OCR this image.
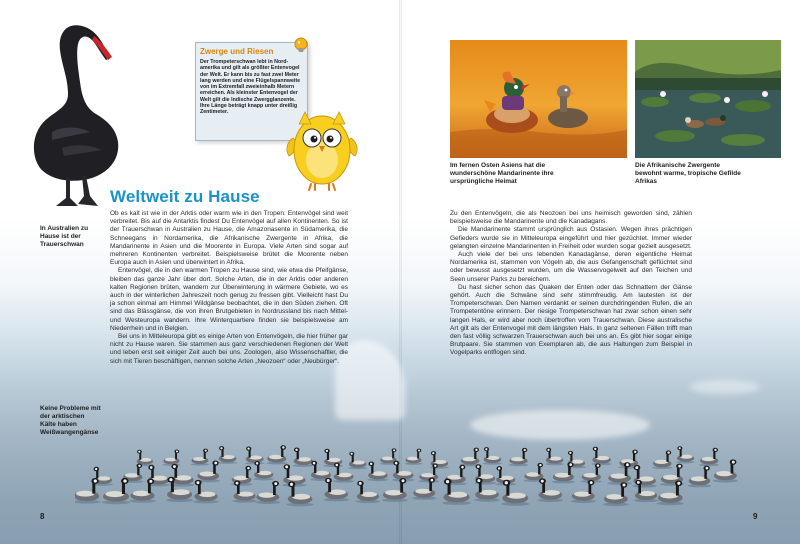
In Australien zu Hause ist der Trauerschwan
Zwerge und Riesen
Der Trompeterschwan lebt in Nordamerika und gilt als größter Entenvogel der Welt. Er kann bis zu fast zwei Meter lang werden und eine Flügelspannweite von im Extremfall zweieinhalb Metern erreichen. Als kleinster Entenvogel der Welt gilt die Indische Zwergglanzente. Ihre Länge beträgt knapp unter dreißig Zentimeter.
Weltweit zu Hause

Ob es kalt ist wie in der Arktis oder warm wie in den Tropen: Entenvögel sind weit verbreitet. Bis auf die Antarktis findest Du Entenvögel auf allen Kontinenten. So ist der Trauerschwan in Australien zu Hause, die Amazonasente in Südamerika, die Schneegans in Nordamerika, die Afrikanische Zwergente in Afrika, die Mandarinente in Asien und die Moorente in Europa. Viele Arten sind sogar auf mehreren Kontinenten verbreitet. Beispielsweise brütet die Moorente neben Europa auch in Asien und überwintert in Afrika.

Entenvögel, die in den warmen Tropen zu Hause sind, wie etwa die Pfeifgänse, bleiben das ganze Jahr über dort. Solche Arten, die in der Arktis oder anderen kalten Regionen brüten, wandern zur Überwinterung in wärmere Gebiete, wo es auch in der winterlichen Jahreszeit noch genug zu fressen gibt. Vielleicht hast Du ja schon einmal am Himmel Wildgänse beobachtet, die in den Süden ziehen. Oft sind das Blässgänse, die von ihren Brutgebieten in Nordrussland bis nach Mittel- und Westeuropa wandern. Ihre Winterquartiere finden sie beispielsweise am Niederrhein und in Belgien.

Bei uns in Mitteleuropa gibt es einige Arten von Entenvögeln, die hier früher gar nicht zu Hause waren. Sie stammen aus ganz verschiedenen Regionen der Welt und leben erst seit einiger Zeit auch bei uns. Zoologen, also Wissenschaftler, die sich mit Tieren beschäftigen, nennen solche Arten „Neozoen“ oder „Neubürger“.

Keine Probleme mit der arktischen Kälte haben Weißwangengänse
Im fernen Osten Asiens hat die wunderschöne Mandarinente ihre ursprüngliche Heimat
Die Afrikanische Zwergente bewohnt warme, tropische Gefilde Afrikas

Zu den Entenvögeln, die als Neozoen bei uns heimisch geworden sind, zählen beispielsweise die Mandarinente und die Kanadagans.

Die Mandarinente stammt ursprünglich aus Ostasien. Wegen ihres prächtigen Gefieders wurde sie in Mitteleuropa eingeführt und hier gezüchtet. Immer wieder gelangten einzelne Mandarinenten in Freiheit oder wurden sogar gezielt ausgesetzt.

Auch viele der bei uns lebenden Kanadagänse, deren eigentliche Heimat Nordamerika ist, stammen von Vögeln ab, die aus Gefangenschaft geflüchtet sind oder bewusst ausgesetzt wurden, um die Wasservogelwelt auf den Teichen und Seen unserer Parks zu bereichern.

Du hast sicher schon das Quaken der Enten oder das Schnattern der Gänse gehört. Auch die Schwäne sind sehr stimmfreudig. Am lautesten ist der Trompeterschwan. Den Namen verdankt er seinen durchdringenden Rufen, die an Trompetentöne erinnern. Der riesige Trompeterschwan hat zwar schon einen sehr langen Hals, er wird aber noch übertroffen vom Trauerschwan. Diese australische Art gilt als der Entenvogel mit dem längsten Hals. In ganz seltenen Fällen trifft man den fast völlig schwarzen Trauerschwan auch bei uns an. Es gibt hier sogar einige Brutpaare. Sie stammen von Exemplaren ab, die aus Haltungen zum Beispiel in Vogelparks entflogen sind.

8	9
